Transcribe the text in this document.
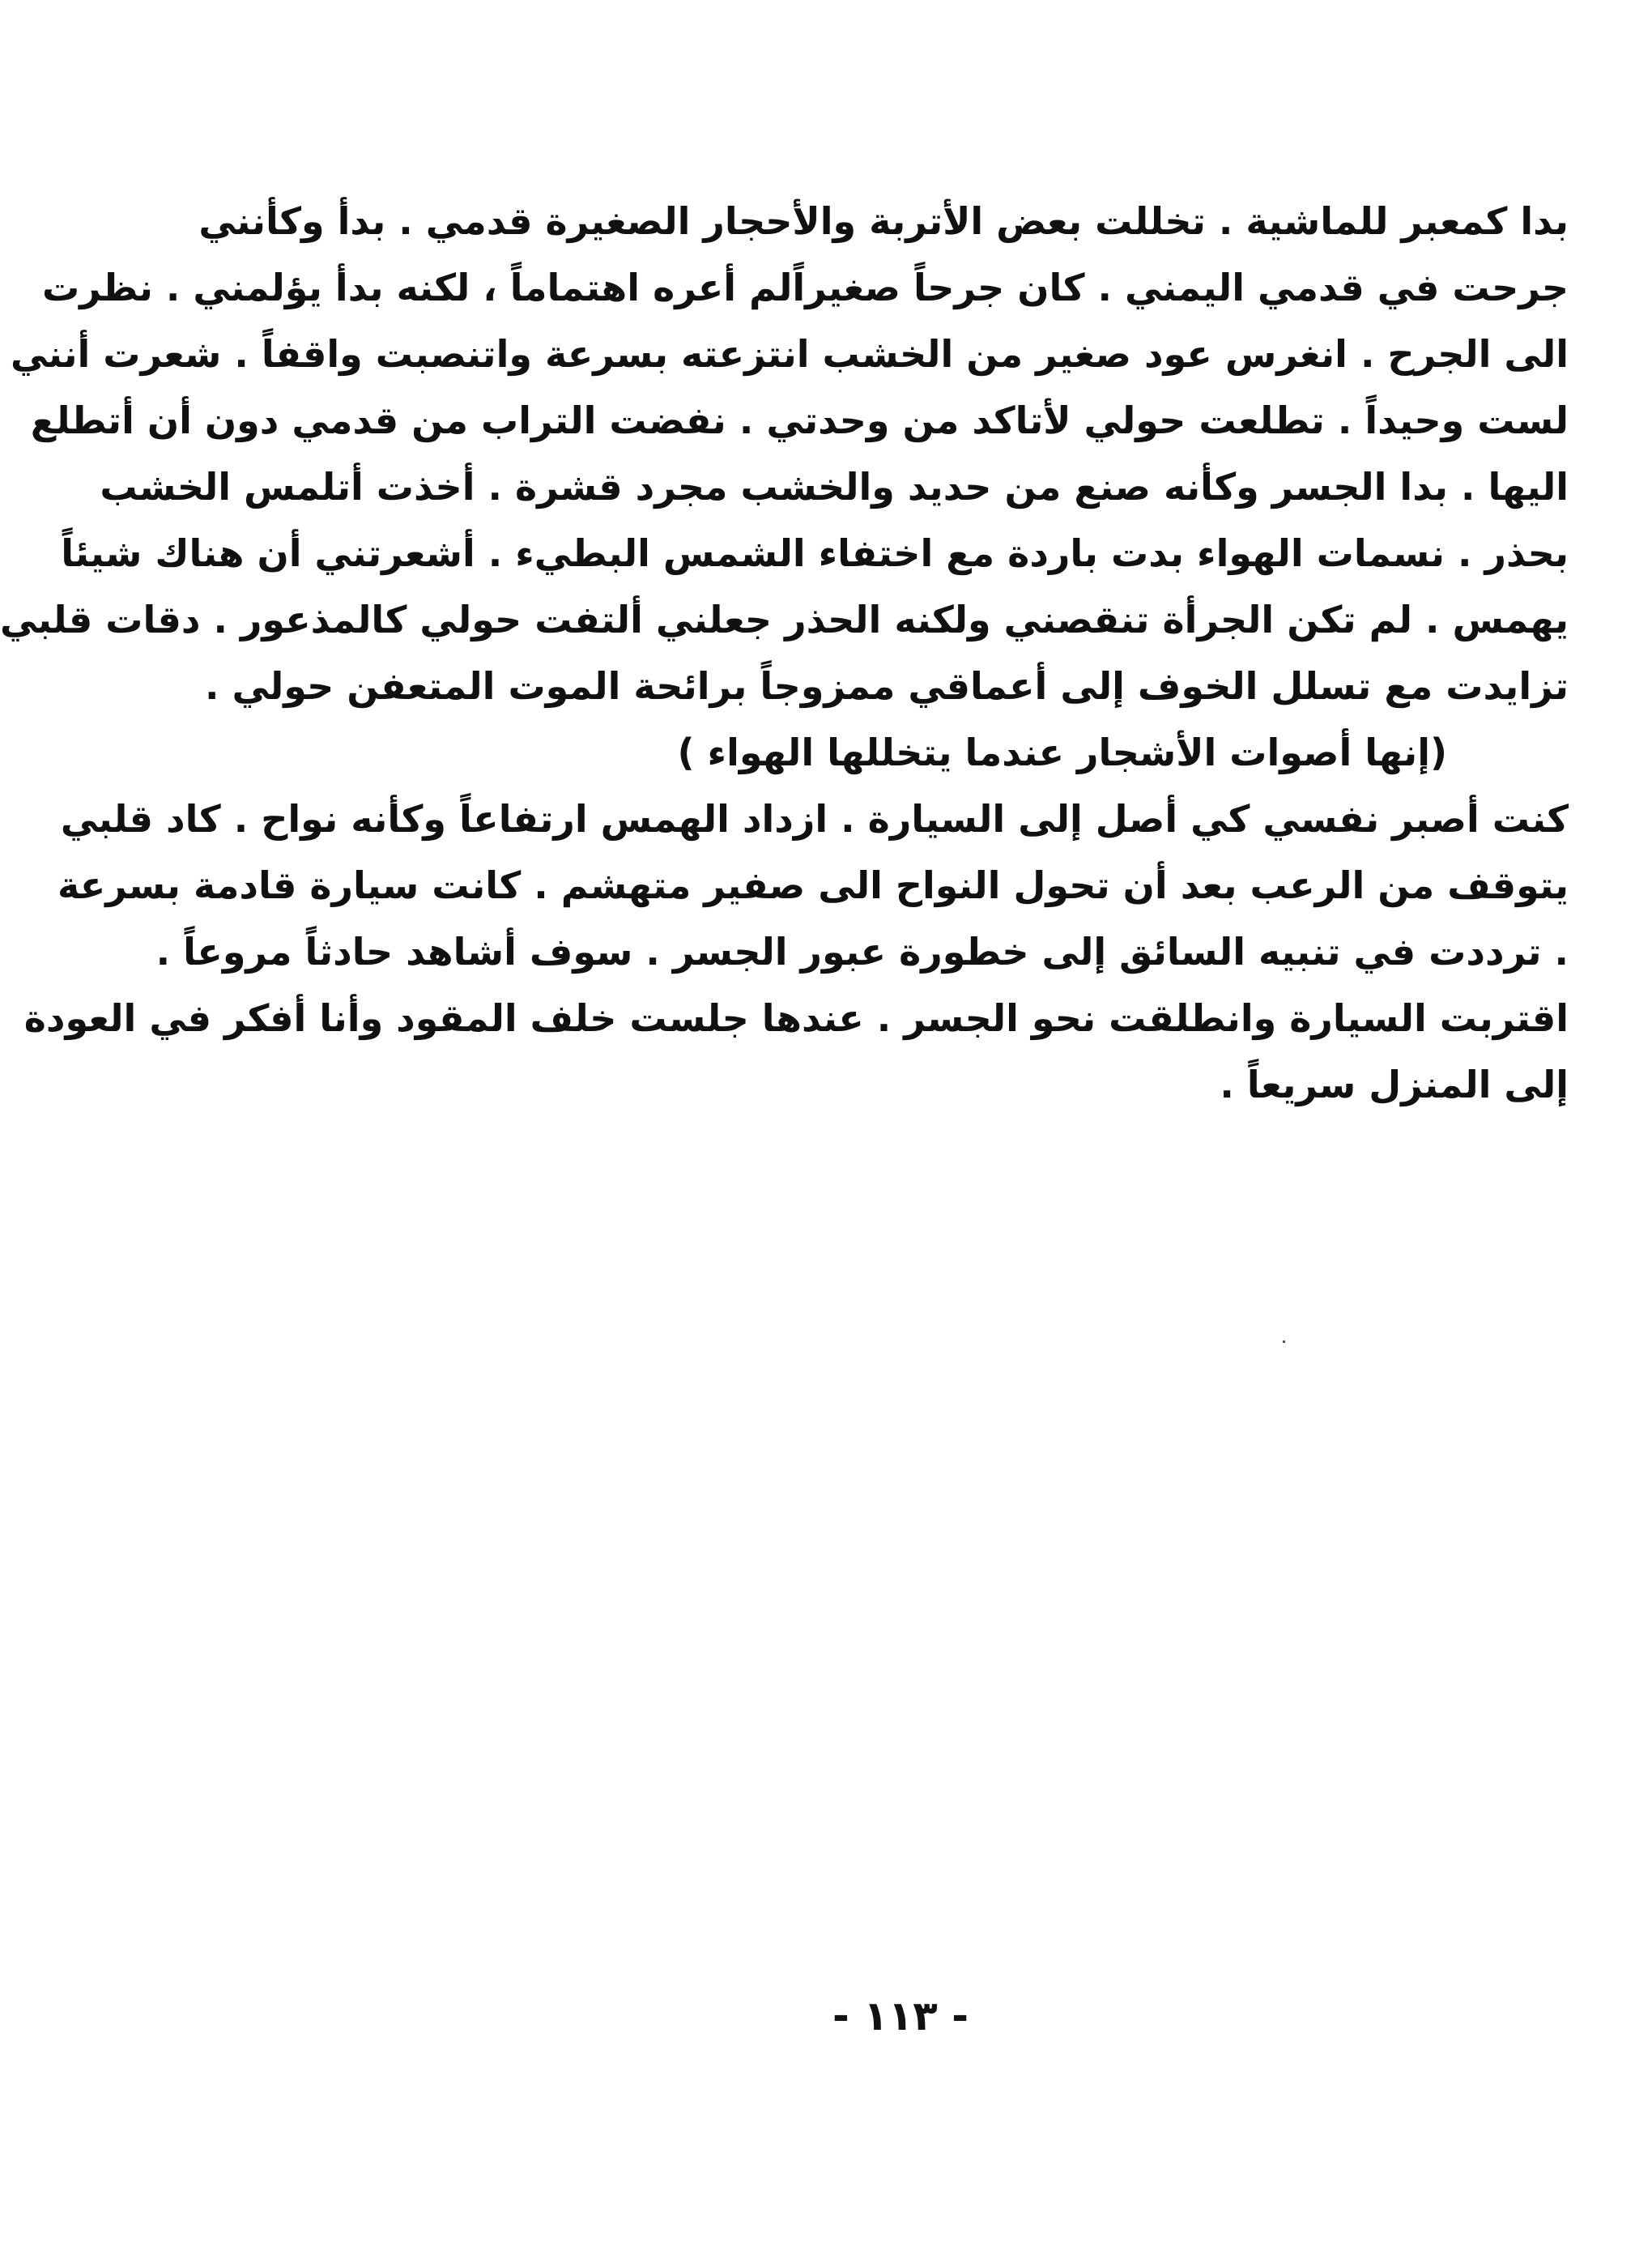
بدا كمعبر للماشية . تخللت بعض الأتربة والأحجار الصغيرة قدمي . بدأ وكأنني
جرحت في قدمي اليمني . كان جرحاً صغيراًلم أعره اهتماماً ، لكنه بدأ يؤلمني . نظرت
الى الجرح . انغرس عود صغير من الخشب انتزعته بسرعة واتنصبت واقفاً . شعرت أنني
لست وحيداً . تطلعت حولي لأتاكد من وحدتي . نفضت التراب من قدمي دون أن أتطلع
اليها . بدا الجسر وكأنه صنع من حديد والخشب مجرد قشرة . أخذت أتلمس الخشب
بحذر . نسمات الهواء بدت باردة مع اختفاء الشمس البطيء . أشعرتني أن هناك شيئاً
يهمس . لم تكن الجرأة تنقصني ولكنه الحذر جعلني ألتفت حولي كالمذعور . دقات قلبي
تزايدت مع تسلل الخوف إلى أعماقي ممزوجاً برائحة الموت المتعفن حولي .
(إنها أصوات الأشجار عندما يتخللها الهواء )
كنت أصبر نفسي كي أصل إلى السيارة . ازداد الهمس ارتفاعاً وكأنه نواح . كاد قلبي
يتوقف من الرعب بعد أن تحول النواح الى صفير متهشم . كانت سيارة قادمة بسرعة
. ترددت في تنبيه السائق إلى خطورة عبور الجسر . سوف أشاهد حادثاً مروعاً .
اقتربت السيارة وانطلقت نحو الجسر . عندها جلست خلف المقود وأنا أفكر في العودة
إلى المنزل سريعاً .
- ١١٣ -
